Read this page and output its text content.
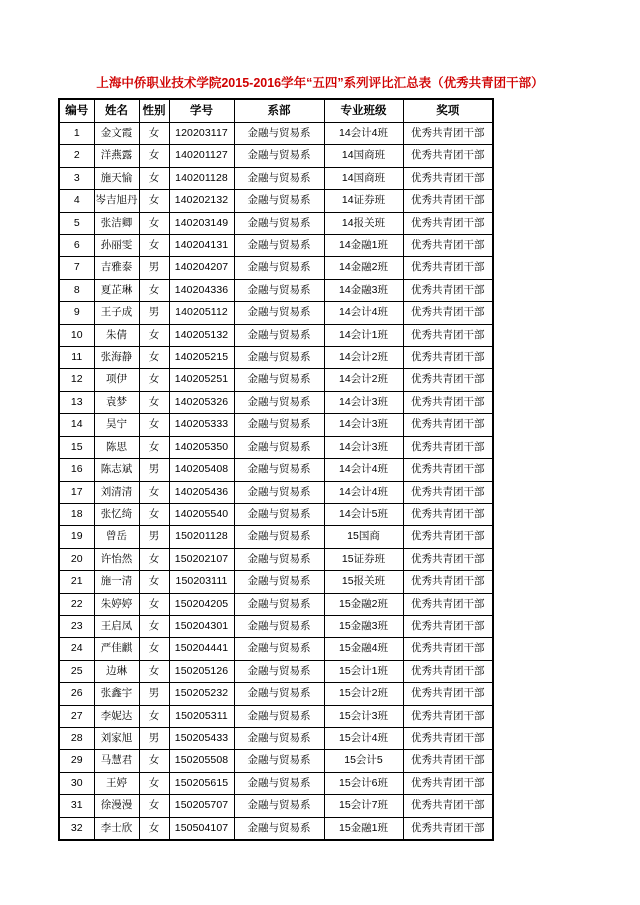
上海中侨职业技术学院2015-2016学年“五四”系列评比汇总表（优秀共青团干部）
编号	姓名	性别	学号	系部	专业班级	奖项
1	金文霞	女	120203117	金融与贸易系	14会计4班	优秀共青团干部
2	洋燕露	女	140201127	金融与贸易系	14国商班	优秀共青团干部
3	施天愉	女	140201128	金融与贸易系	14国商班	优秀共青团干部
4	岑吉旭丹	女	140202132	金融与贸易系	14证券班	优秀共青团干部
5	张洁卿	女	140203149	金融与贸易系	14报关班	优秀共青团干部
6	孙丽雯	女	140204131	金融与贸易系	14金融1班	优秀共青团干部
7	吉雅泰	男	140204207	金融与贸易系	14金融2班	优秀共青团干部
8	夏芷琳	女	140204336	金融与贸易系	14金融3班	优秀共青团干部
9	王子成	男	140205112	金融与贸易系	14会计4班	优秀共青团干部
10	朱倩	女	140205132	金融与贸易系	14会计1班	优秀共青团干部
11	张海静	女	140205215	金融与贸易系	14会计2班	优秀共青团干部
12	项伊	女	140205251	金融与贸易系	14会计2班	优秀共青团干部
13	袁梦	女	140205326	金融与贸易系	14会计3班	优秀共青团干部
14	昊宁	女	140205333	金融与贸易系	14会计3班	优秀共青团干部
15	陈思	女	140205350	金融与贸易系	14会计3班	优秀共青团干部
16	陈志斌	男	140205408	金融与贸易系	14会计4班	优秀共青团干部
17	刘清清	女	140205436	金融与贸易系	14会计4班	优秀共青团干部
18	张忆绮	女	140205540	金融与贸易系	14会计5班	优秀共青团干部
19	曾岳	男	150201128	金融与贸易系	15国商	优秀共青团干部
20	许怡然	女	150202107	金融与贸易系	15证券班	优秀共青团干部
21	施一清	女	150203111	金融与贸易系	15报关班	优秀共青团干部
22	朱婷婷	女	150204205	金融与贸易系	15金融2班	优秀共青团干部
23	王启凤	女	150204301	金融与贸易系	15金融3班	优秀共青团干部
24	严佳麒	女	150204441	金融与贸易系	15金融4班	优秀共青团干部
25	边琳	女	150205126	金融与贸易系	15会计1班	优秀共青团干部
26	张鑫宇	男	150205232	金融与贸易系	15会计2班	优秀共青团干部
27	李妮达	女	150205311	金融与贸易系	15会计3班	优秀共青团干部
28	刘家旭	男	150205433	金融与贸易系	15会计4班	优秀共青团干部
29	马慧君	女	150205508	金融与贸易系	15会计5	优秀共青团干部
30	王婷	女	150205615	金融与贸易系	15会计6班	优秀共青团干部
31	徐漫漫	女	150205707	金融与贸易系	15会计7班	优秀共青团干部
32	李士欣	女	150504107	金融与贸易系	15金融1班	优秀共青团干部
